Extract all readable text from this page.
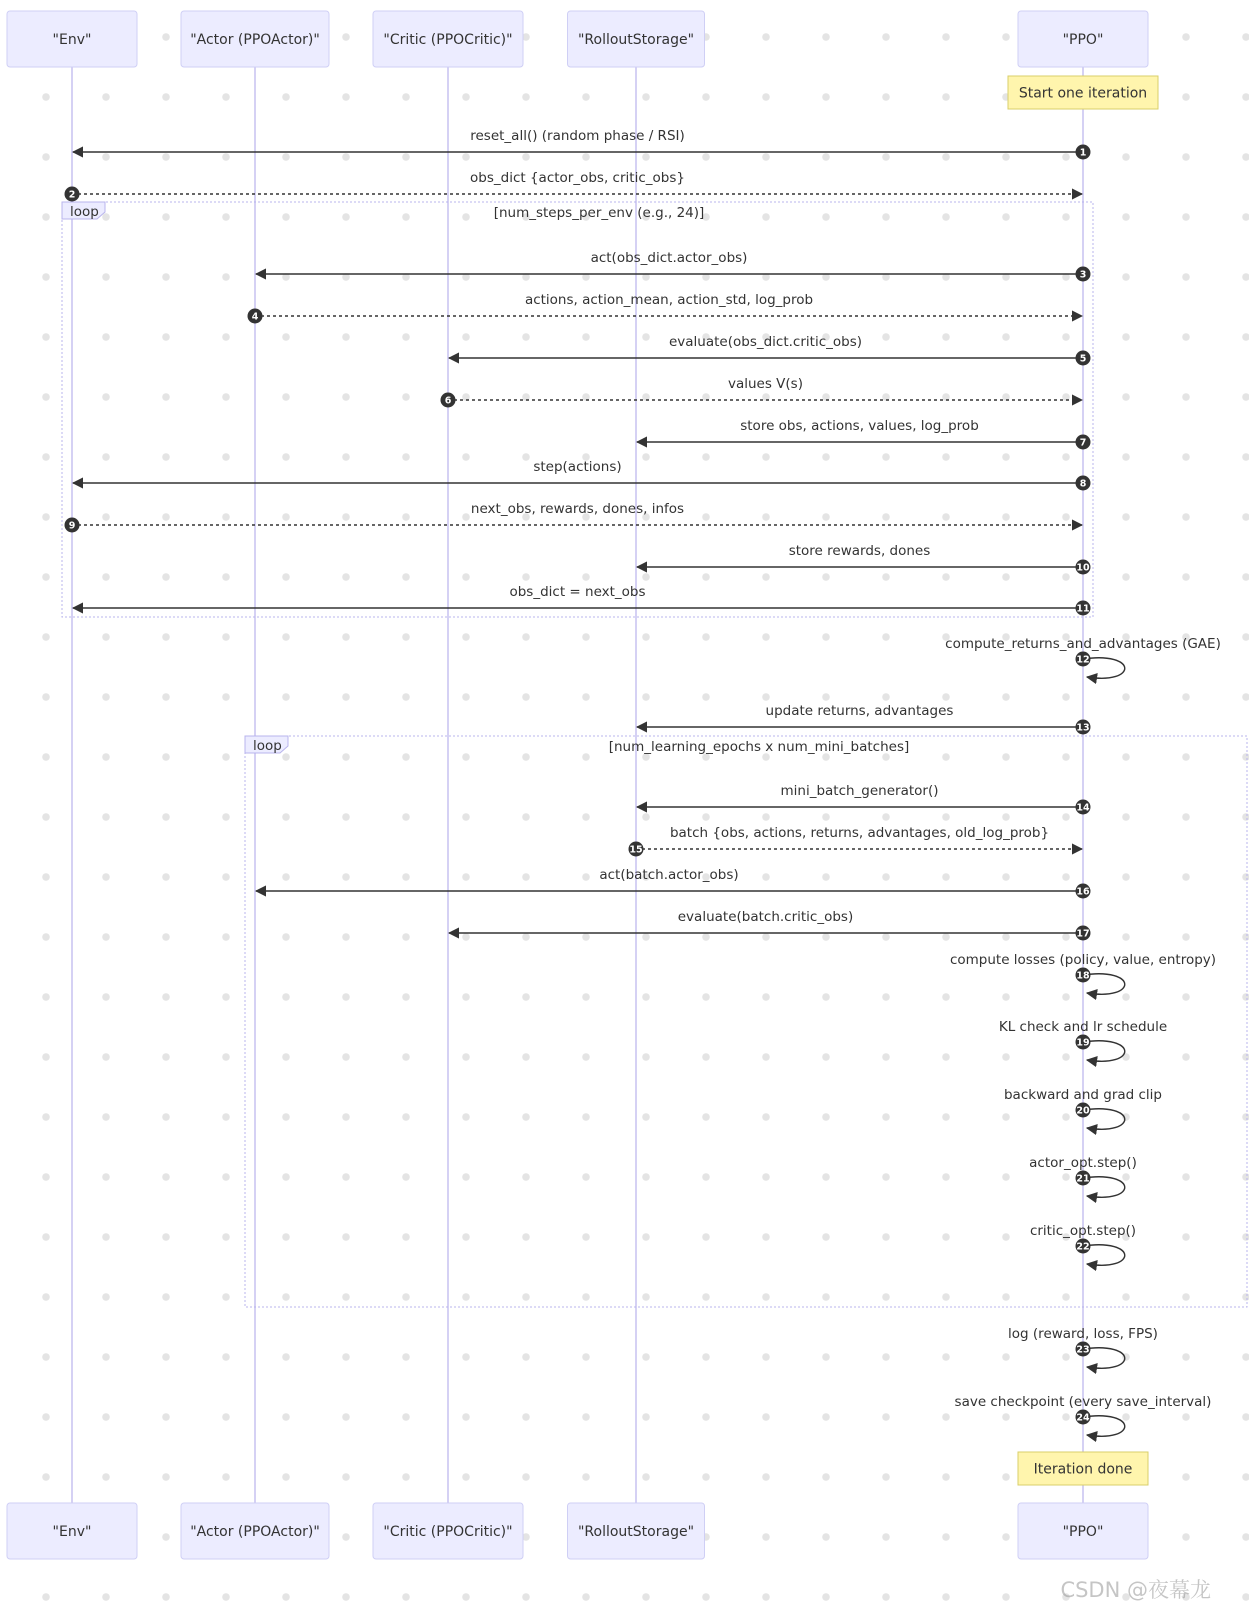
loop	[num_steps_per_env (e.g., 24)]
loop	[num_learning_epochs x num_mini_batches]
Start one iteration
Iteration done
1
reset_all() (random phase / RSI)
2
obs_dict {actor_obs, critic_obs}
3
act(obs_dict.actor_obs)
4
actions, action_mean, action_std, log_prob
5
evaluate(obs_dict.critic_obs)
6
values V(s)
7
store obs, actions, values, log_prob
8
step(actions)
9
next_obs, rewards, dones, infos
10
store rewards, dones
11
obs_dict = next_obs
12
compute_returns_and_advantages (GAE)
13
update returns, advantages
14
mini_batch_generator()
15
batch {obs, actions, returns, advantages, old_log_prob}
16
act(batch.actor_obs)
17
evaluate(batch.critic_obs)
18
compute losses (policy, value, entropy)
19
KL check and lr schedule
20
backward and grad clip
21
actor_opt.step()
22
critic_opt.step()
23
log (reward, loss, FPS)
24
save checkpoint (every save_interval)
"Env"
"Env"
"Actor (PPOActor)"
"Actor (PPOActor)"
"Critic (PPOCritic)"
"Critic (PPOCritic)"
"RolloutStorage"
"RolloutStorage"
"PPO"
"PPO"
CSDN @夜幕龙
